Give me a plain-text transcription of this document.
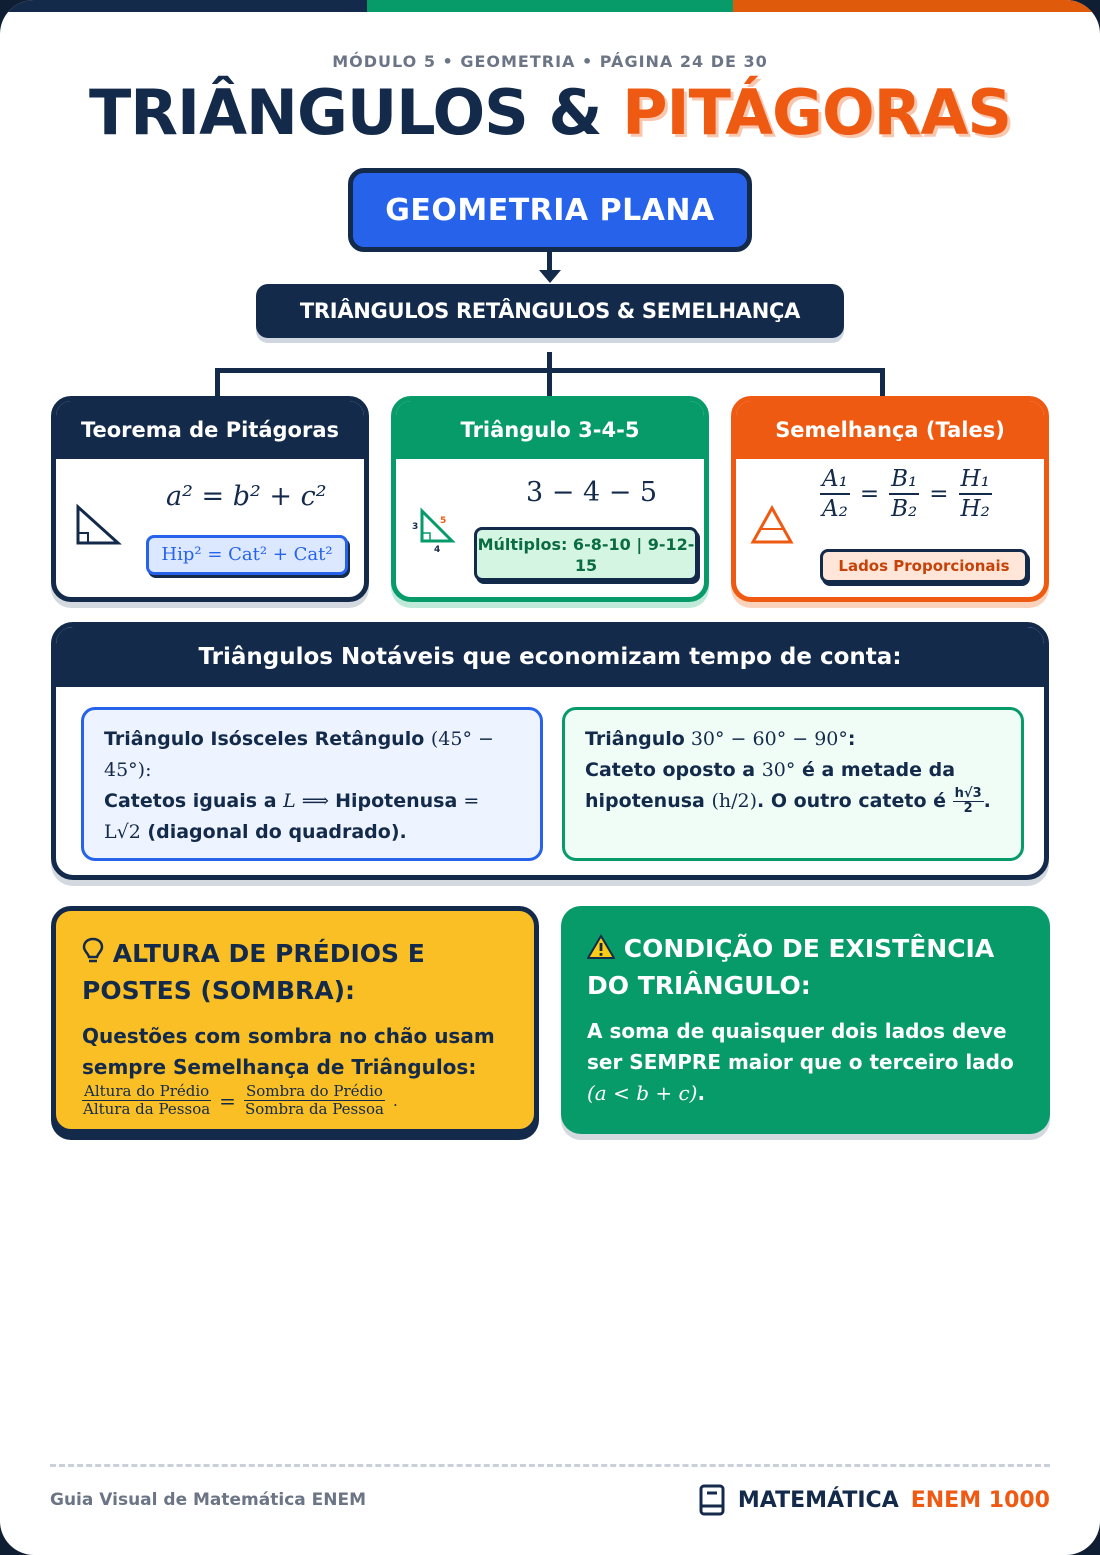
MÓDULO 5 • GEOMETRIA • PÁGINA 24 DE 30
TRIÂNGULOS & PITÁGORAS
GEOMETRIA PLANA
TRIÂNGULOS RETÂNGULOS & SEMELHANÇA
Teorema de Pitágoras
a² = b² + c²
Hip² = Cat² + Cat²
Triângulo 3-4-5
3
4
5
3 − 4 − 5
Múltiplos: 6-8-10 | 9-12-15
Semelhança (Tales)
$\frac{\text{A₁}}{\text{A₂}} = \frac{\text{B₁}}{\text{B₂}} = \frac{\text{H₁}}{\text{H₂}}$
Lados Proporcionais
Triângulos Notáveis que economizam tempo de conta:
Triângulo Isósceles Retângulo (45° − 45°):
Catetos iguais a L ⟹ Hipotenusa =
L√2 (diagonal do quadrado).
Triângulo 30° − 60° − 90°:
Cateto oposto a 30° é a metade da
hipotenusa (h/2). O outro cateto é $\frac{h√3}{2}$ .
ALTURA DE PRÉDIOS E POSTES (SOMBRA):

Questões com sombra no chão usam sempre Semelhança de Triângulos:

$\frac{\text{Altura do Prédio}}{\text{Altura da Pessoa}} = \frac{\text{Sombra do Prédio}}{\text{Sombra da Pessoa}}$ .
CONDIÇÃO DE EXISTÊNCIA DO TRIÂNGULO:

A soma de quaisquer dois lados deve ser SEMPRE maior que o terceiro lado (a < b + c).

Guia Visual de Matemática ENEM	MATEMÁTICA ENEM 1000
